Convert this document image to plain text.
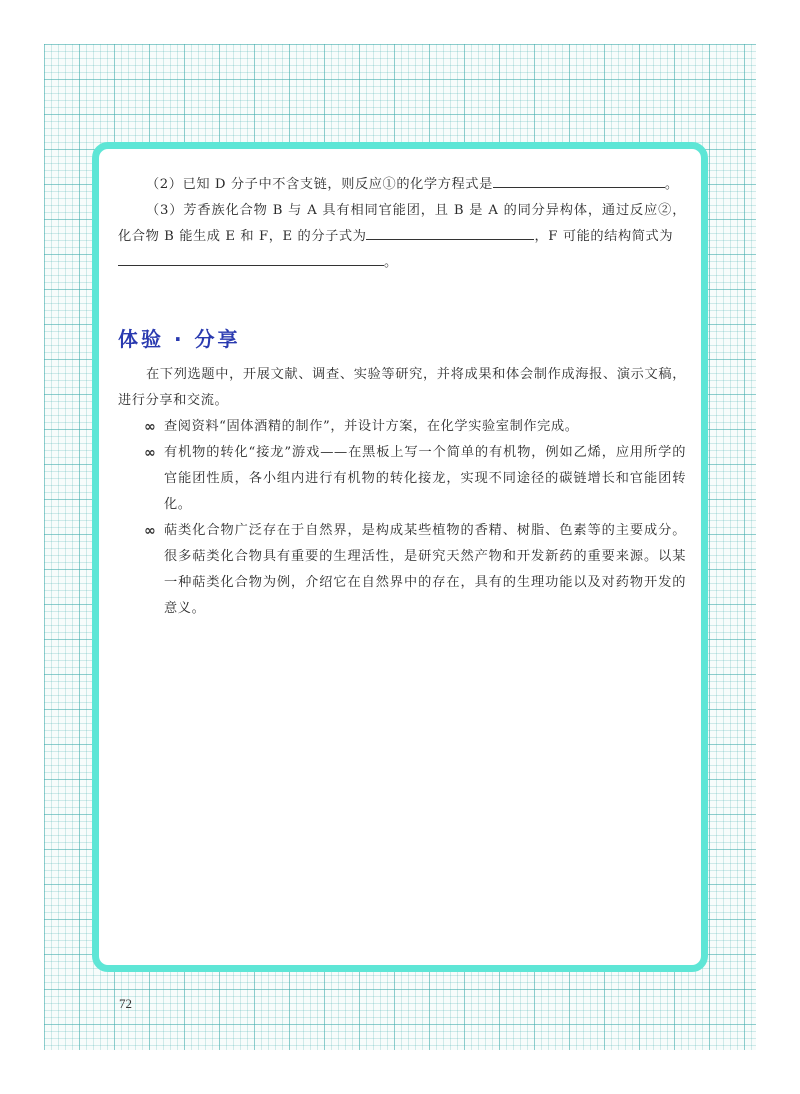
（2）已知 D 分子中不含支链，则反应①的化学方程式是	。

（3）芳香族化合物 B 与 A 具有相同官能团，且 B 是 A 的同分异构体，通过反应②，化合物 B 能生成 E 和 F，E 的分子式为	，F 可能的结构简式为
。

体验 · 分享

在下列选题中，开展文献、调查、实验等研究，并将成果和体会制作成海报、演示文稿，进行分享和交流。

∞ 查阅资料“固体酒精的制作”，并设计方案，在化学实验室制作完成。

∞ 有机物的转化“接龙”游戏——在黑板上写一个简单的有机物，例如乙烯，应用所学的官能团性质，各小组内进行有机物的转化接龙，实现不同途径的碳链增长和官能团转化。

∞ 萜类化合物广泛存在于自然界，是构成某些植物的香精、树脂、色素等的主要成分。很多萜类化合物具有重要的生理活性，是研究天然产物和开发新药的重要来源。以某一种萜类化合物为例，介绍它在自然界中的存在，具有的生理功能以及对药物开发的意义。

72
